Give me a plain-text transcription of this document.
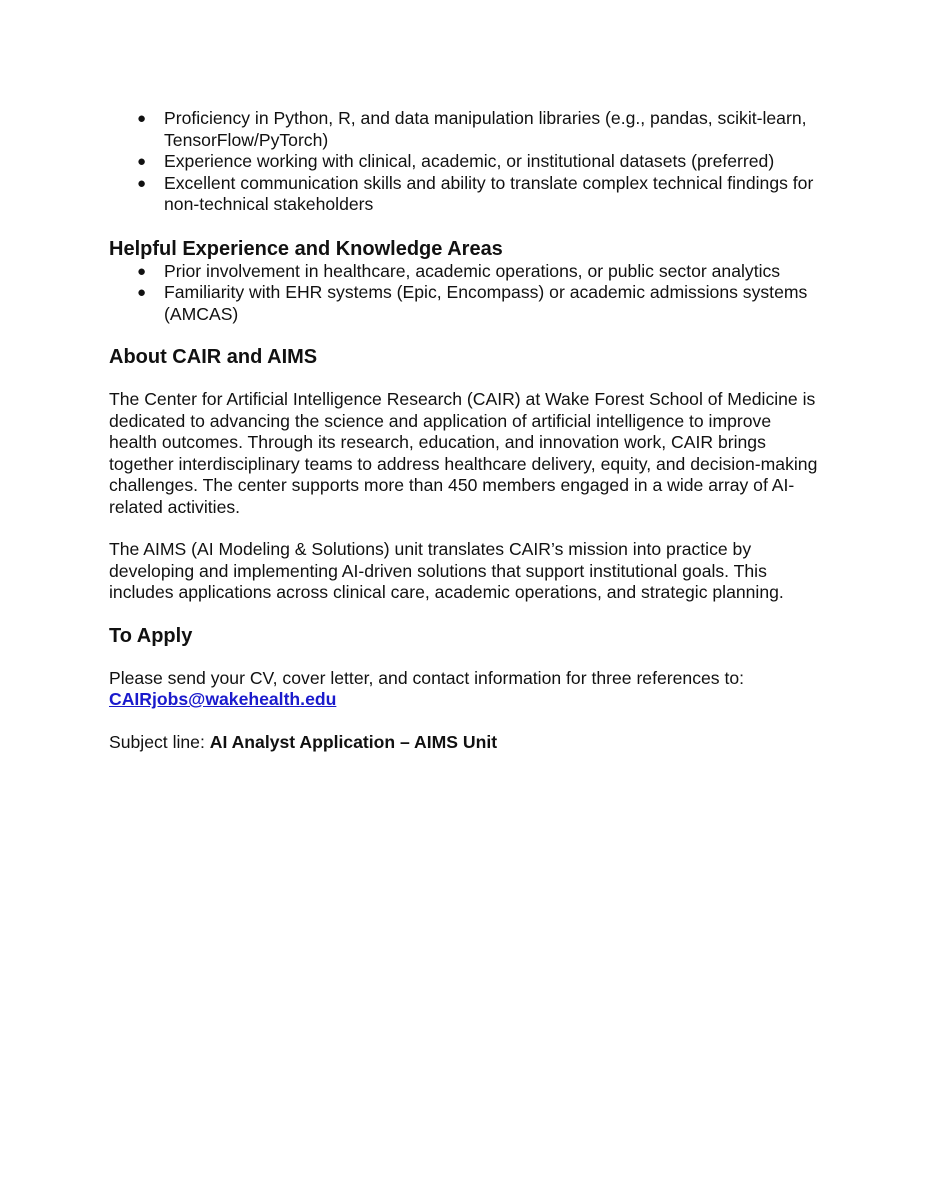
● Proficiency in Python, R, and data manipulation libraries (e.g., pandas, scikit-learn, TensorFlow/PyTorch)
● Experience working with clinical, academic, or institutional datasets (preferred)
● Excellent communication skills and ability to translate complex technical findings for non-technical stakeholders
Helpful Experience and Knowledge Areas
● Prior involvement in healthcare, academic operations, or public sector analytics
● Familiarity with EHR systems (Epic, Encompass) or academic admissions systems (AMCAS)
About CAIR and AIMS

The Center for Artificial Intelligence Research (CAIR) at Wake Forest School of Medicine is dedicated to advancing the science and application of artificial intelligence to improve health outcomes. Through its research, education, and innovation work, CAIR brings together interdisciplinary teams to address healthcare delivery, equity, and decision-making challenges. The center supports more than 450 members engaged in a wide array of AI-related activities.

The AIMS (AI Modeling & Solutions) unit translates CAIR’s mission into practice by developing and implementing AI-driven solutions that support institutional goals. This includes applications across clinical care, academic operations, and strategic planning.

To Apply

Please send your CV, cover letter, and contact information for three references to:
CAIRjobs@wakehealth.edu

Subject line: AI Analyst Application – AIMS Unit
